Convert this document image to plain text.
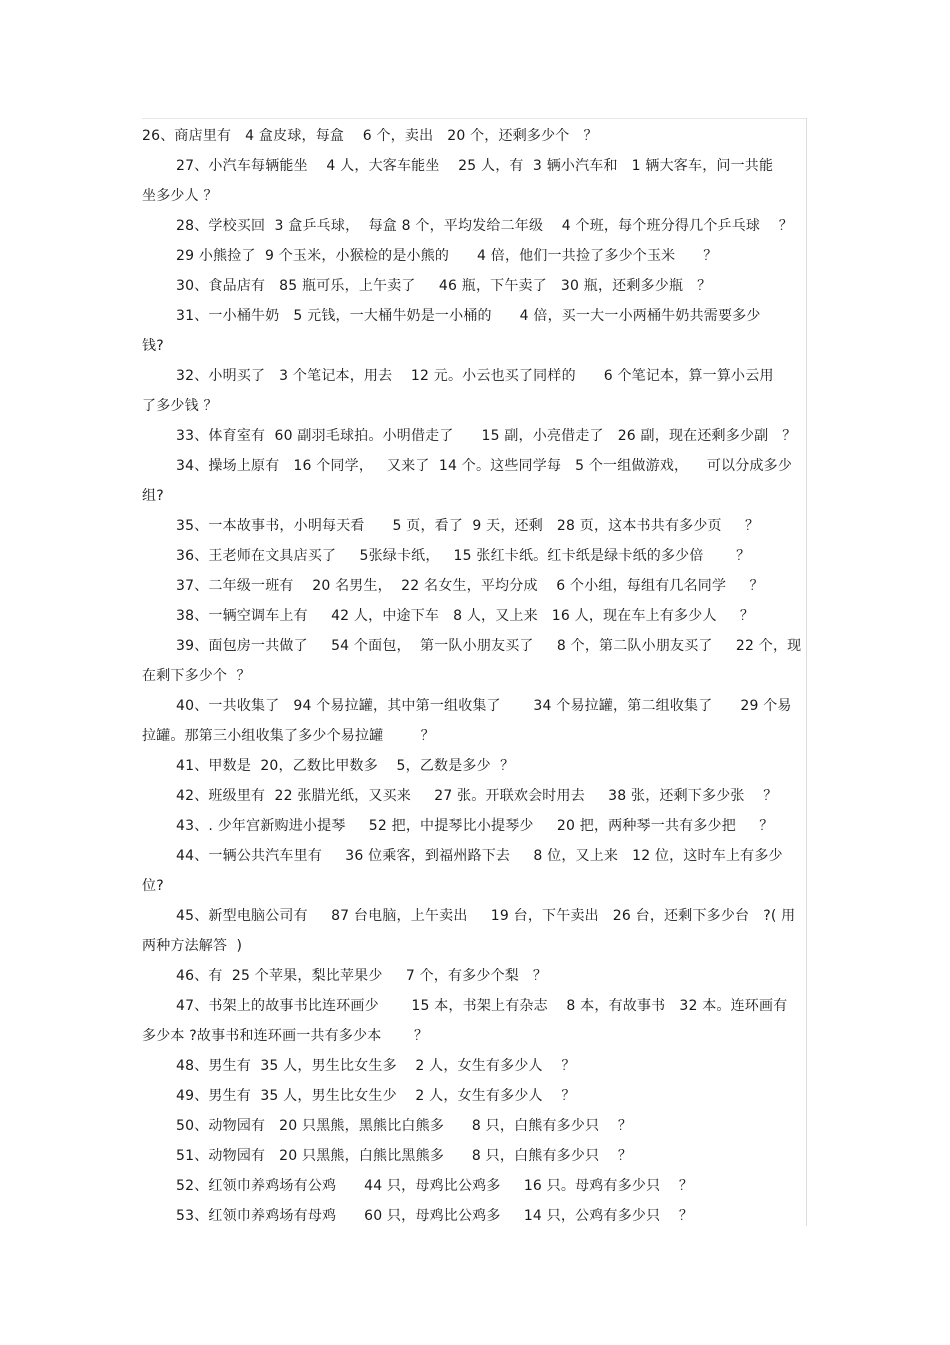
26、商店里有   4 盒皮球，每盒    6 个，卖出   20 个，还剩多少个   ？
27、小汽车每辆能坐    4 人，大客车能坐    25 人，有  3 辆小汽车和   1 辆大客车，问一共能
坐多少人 ？
28、学校买回  3 盒乒乓球，  每盒 8 个，平均发给二年级    4 个班，每个班分得几个乒乓球    ？
29 小熊捡了  9 个玉米，小猴检的是小熊的      4 倍，他们一共捡了多少个玉米      ？
30、食品店有   85 瓶可乐，上午卖了     46 瓶，下午卖了   30 瓶，还剩多少瓶   ？
31、一小桶牛奶   5 元钱，一大桶牛奶是一小桶的      4 倍，买一大一小两桶牛奶共需要多少
钱?
32、小明买了   3 个笔记本，用去    12 元。小云也买了同样的      6 个笔记本，算一算小云用
了多少钱 ？
33、体育室有  60 副羽毛球拍。小明借走了      15 副，小亮借走了   26 副，现在还剩多少副   ？
34、操场上原有   16 个同学，   又来了  14 个。这些同学每   5 个一组做游戏，    可以分成多少
组?
35、一本故事书，小明每天看      5 页，看了  9 天，还剩   28 页，这本书共有多少页     ？
36、王老师在文具店买了     5张绿卡纸，   15 张红卡纸。红卡纸是绿卡纸的多少倍       ？
37、二年级一班有    20 名男生，  22 名女生，平均分成    6 个小组，每组有几名同学     ？
38、一辆空调车上有     42 人，中途下车   8 人，又上来   16 人，现在车上有多少人     ？
39、面包房一共做了     54 个面包，  第一队小朋友买了     8 个，第二队小朋友买了     22 个，现
在剩下多少个  ？
40、一共收集了   94 个易拉罐，其中第一组收集了       34 个易拉罐，第二组收集了      29 个易
拉罐。那第三小组收集了多少个易拉罐        ？
41、甲数是  20，乙数比甲数多    5，乙数是多少  ？
42、班级里有  22 张腊光纸，又买来     27 张。开联欢会时用去     38 张，还剩下多少张    ？
43、. 少年宫新购进小提琴     52 把，中提琴比小提琴少     20 把，两种琴一共有多少把     ？
44、一辆公共汽车里有     36 位乘客，到福州路下去     8 位，又上来   12 位，这时车上有多少
位?
45、新型电脑公司有     87 台电脑，上午卖出     19 台，下午卖出   26 台，还剩下多少台   ?( 用
两种方法解答  )
46、有  25 个苹果，梨比苹果少     7 个，有多少个梨   ？
47、书架上的故事书比连环画少       15 本，书架上有杂志    8 本，有故事书   32 本。连环画有
多少本 ?故事书和连环画一共有多少本       ？
48、男生有  35 人，男生比女生多    2 人，女生有多少人    ？
49、男生有  35 人，男生比女生少    2 人，女生有多少人    ？
50、动物园有   20 只黑熊，黑熊比白熊多      8 只，白熊有多少只    ？
51、动物园有   20 只黑熊，白熊比黑熊多      8 只，白熊有多少只    ？
52、红领巾养鸡场有公鸡      44 只，母鸡比公鸡多     16 只。母鸡有多少只    ？
53、红领巾养鸡场有母鸡      60 只，母鸡比公鸡多     14 只，公鸡有多少只    ？
